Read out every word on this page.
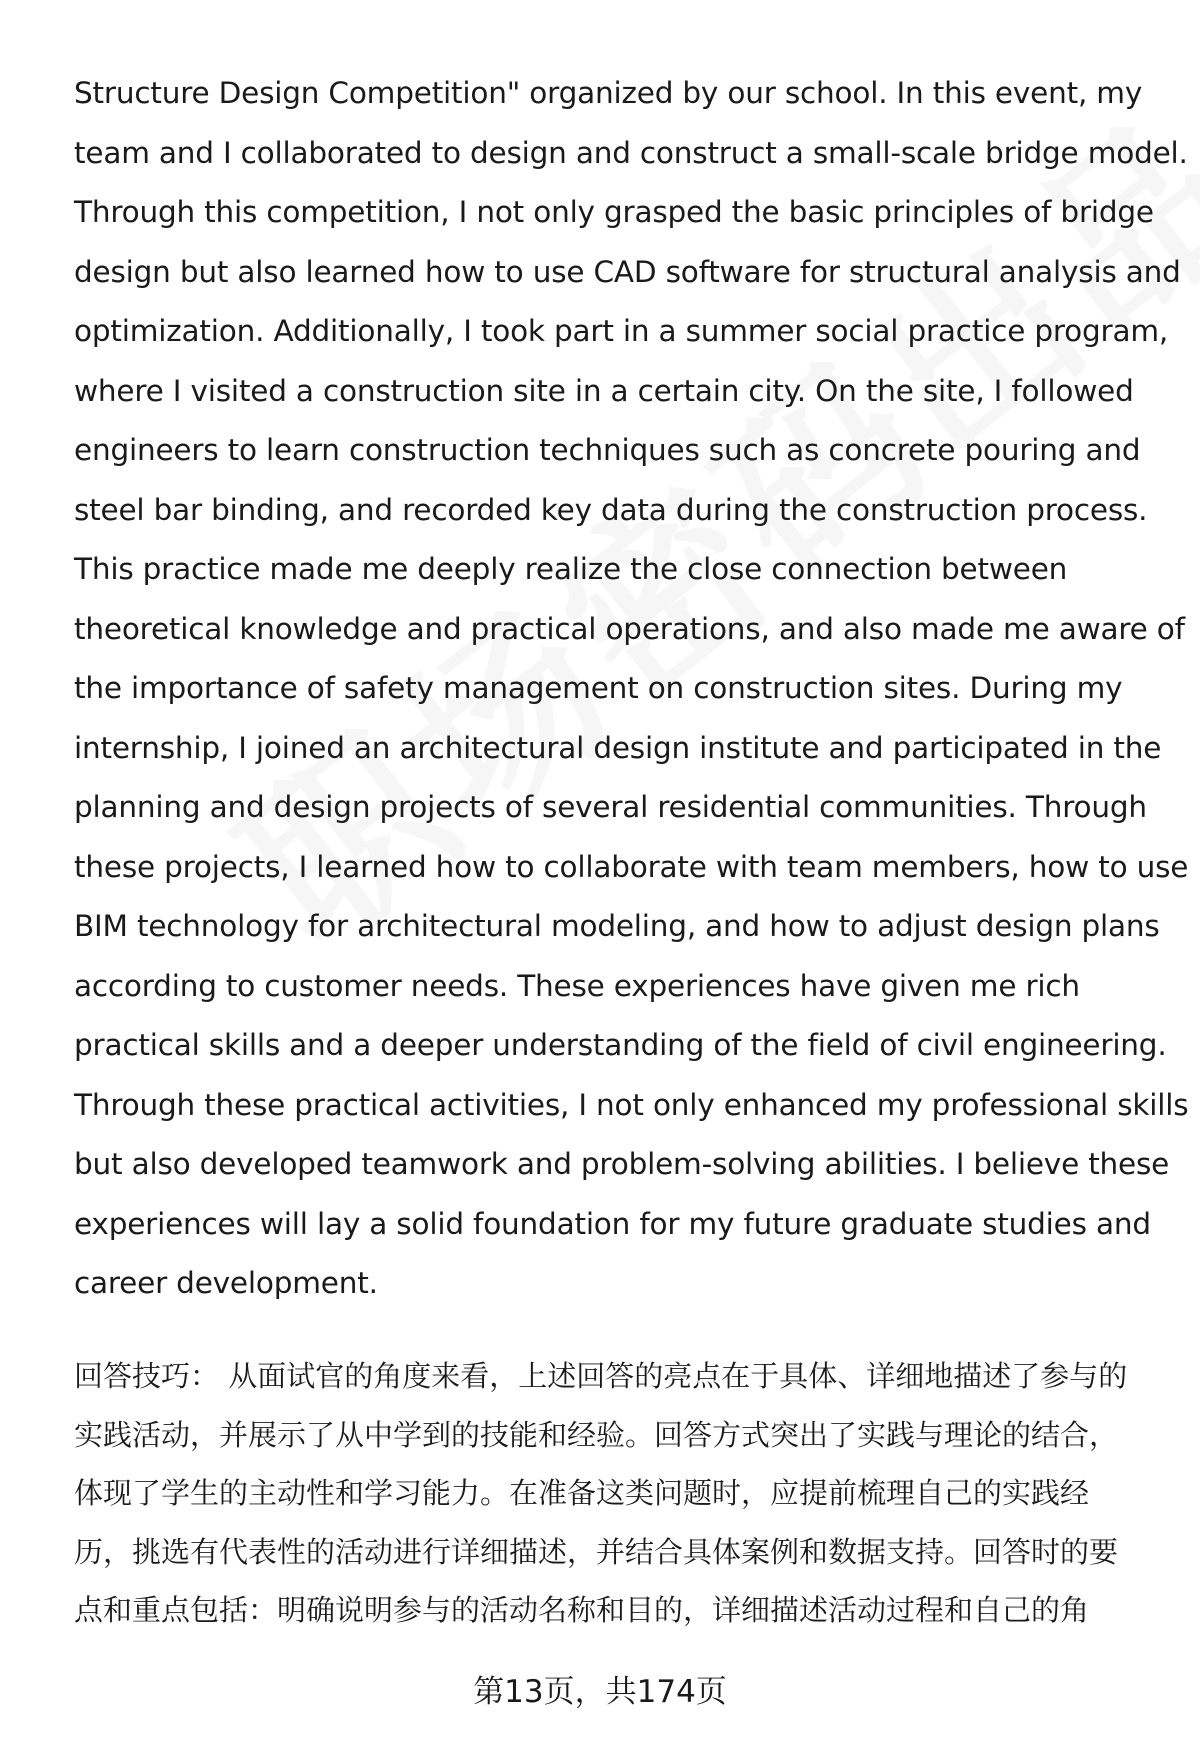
Structure Design Competition" organized by our school. In this event, my
team and I collaborated to design and construct a small-scale bridge model.
Through this competition, I not only grasped the basic principles of bridge
design but also learned how to use CAD software for structural analysis and
optimization. Additionally, I took part in a summer social practice program,
where I visited a construction site in a certain city. On the site, I followed
engineers to learn construction techniques such as concrete pouring and
steel bar binding, and recorded key data during the construction process.
This practice made me deeply realize the close connection between
theoretical knowledge and practical operations, and also made me aware of
the importance of safety management on construction sites. During my
internship, I joined an architectural design institute and participated in the
planning and design projects of several residential communities. Through
these projects, I learned how to collaborate with team members, how to use
BIM technology for architectural modeling, and how to adjust design plans
according to customer needs. These experiences have given me rich
practical skills and a deeper understanding of the field of civil engineering.
Through these practical activities, I not only enhanced my professional skills
but also developed teamwork and problem-solving abilities. I believe these
experiences will lay a solid foundation for my future graduate studies and
career development.

回答技巧： 从面试官的角度来看，上述回答的亮点在于具体、详细地描述了参与的
实践活动，并展示了从中学到的技能和经验。回答方式突出了实践与理论的结合，
体现了学生的主动性和学习能力。在准备这类问题时，应提前梳理自己的实践经
历，挑选有代表性的活动进行详细描述，并结合具体案例和数据支持。回答时的要
点和重点包括：明确说明参与的活动名称和目的，详细描述活动过程和自己的角

第13页，共174页
